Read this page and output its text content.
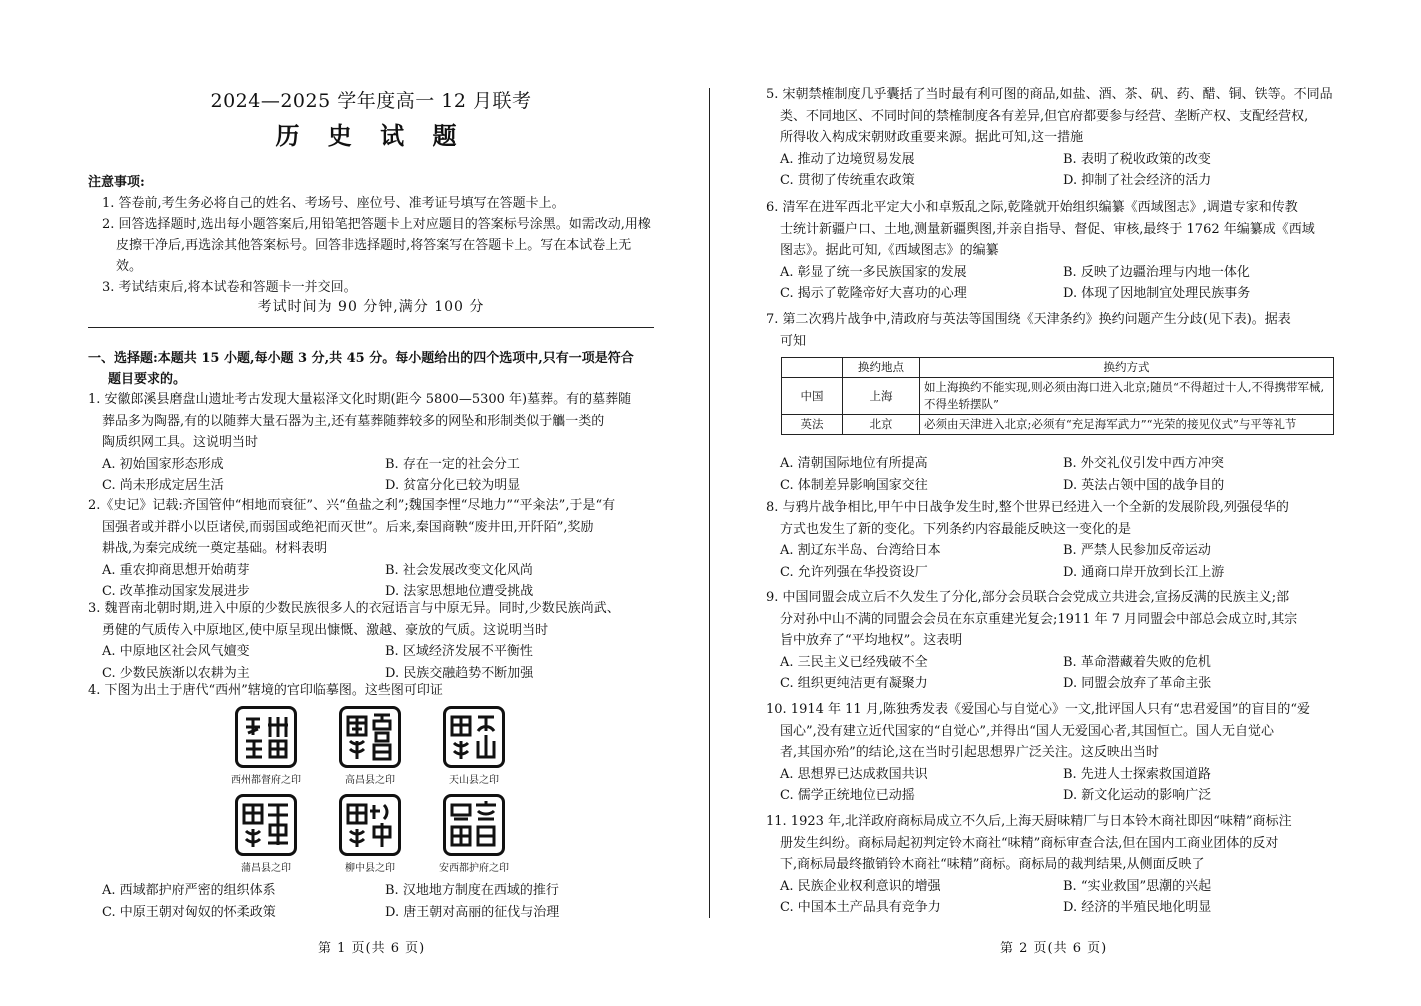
2024—2025 学年度高一 12 月联考
历 史 试 题
注意事项:

1. 答卷前,考生务必将自己的姓名、考场号、座位号、准考证号填写在答题卡上。

2. 回答选择题时,选出每小题答案后,用铅笔把答题卡上对应题目的答案标号涂黑。如需改动,用橡皮擦干净后,再选涂其他答案标号。回答非选择题时,将答案写在答题卡上。写在本试卷上无效。

3. 考试结束后,将本试卷和答题卡一并交回。

考试时间为 90 分钟,满分 100 分
一、选择题:本题共 15 小题,每小题 3 分,共 45 分。每小题给出的四个选项中,只有一项是符合
题目要求的。
1. 安徽郎溪县磨盘山遗址考古发现大量崧泽文化时期(距今 5800—5300 年)墓葬。有的墓葬随
葬品多为陶器,有的以随葬大量石器为主,还有墓葬随葬较多的网坠和形制类似于觿一类的
陶质织网工具。这说明当时
A. 初始国家形态形成	B. 存在一定的社会分工
C. 尚未形成定居生活	D. 贫富分化已较为明显
2.《史记》记载:齐国管仲“相地而衰征”、兴“鱼盐之利”;魏国李悝“尽地力”“平籴法”,于是“有
国强者或并群小以臣诸侯,而弱国或绝祀而灭世”。后来,秦国商鞅“废井田,开阡陌”,奖励
耕战,为秦完成统一奠定基础。材料表明
A. 重农抑商思想开始萌芽	B. 社会发展改变文化风尚
C. 改革推动国家发展进步	D. 法家思想地位遭受挑战
3. 魏晋南北朝时期,进入中原的少数民族很多人的衣冠语言与中原无异。同时,少数民族尚武、
勇健的气质传入中原地区,使中原呈现出慷慨、激越、豪放的气质。这说明当时
A. 中原地区社会风气嬗变	B. 区域经济发展不平衡性
C. 少数民族渐以农耕为主	D. 民族交融趋势不断加强
4. 下图为出土于唐代“西州”辖境的官印临摹图。这些图可印证
西州都督府之印	高昌县之印	天山县之印
蒲昌县之印	柳中县之印	安西都护府之印
A. 西域都护府严密的组织体系	B. 汉地地方制度在西域的推行
C. 中原王朝对匈奴的怀柔政策	D. 唐王朝对高丽的征伐与治理
第 1 页(共 6 页)
5. 宋朝禁榷制度几乎囊括了当时最有利可图的商品,如盐、酒、茶、矾、药、醋、铜、铁等。不同品
类、不同地区、不同时间的禁榷制度各有差异,但官府都要参与经营、垄断产权、支配经营权,
所得收入构成宋朝财政重要来源。据此可知,这一措施
A. 推动了边境贸易发展	B. 表明了税收政策的改变
C. 贯彻了传统重农政策	D. 抑制了社会经济的活力
6. 清军在进军西北平定大小和卓叛乱之际,乾隆就开始组织编纂《西域图志》,调遣专家和传教
士统计新疆户口、土地,测量新疆舆图,并亲自指导、督促、审核,最终于 1762 年编纂成《西域
图志》。据此可知,《西域图志》的编纂
A. 彰显了统一多民族国家的发展	B. 反映了边疆治理与内地一体化
C. 揭示了乾隆帝好大喜功的心理	D. 体现了因地制宜处理民族事务
7. 第二次鸦片战争中,清政府与英法等国围绕《天津条约》换约问题产生分歧(见下表)。据表
可知
	换约地点	换约方式
中国	上海	如上海换约不能实现,则必须由海口进入北京;随员“不得超过十人,不得携带军械,不得坐轿摆队”
英法	北京	必须由天津进入北京;必须有“充足海军武力”“光荣的接见仪式”与平等礼节
A. 清朝国际地位有所提高	B. 外交礼仪引发中西方冲突
C. 体制差异影响国家交往	D. 英法占领中国的战争目的
8. 与鸦片战争相比,甲午中日战争发生时,整个世界已经进入一个全新的发展阶段,列强侵华的
方式也发生了新的变化。下列条约内容最能反映这一变化的是
A. 割辽东半岛、台湾给日本	B. 严禁人民参加反帝运动
C. 允许列强在华投资设厂	D. 通商口岸开放到长江上游
9. 中国同盟会成立后不久发生了分化,部分会员联合会党成立共进会,宣扬反满的民族主义;部
分对孙中山不满的同盟会会员在东京重建光复会;1911 年 7 月同盟会中部总会成立时,其宗
旨中放弃了“平均地权”。这表明
A. 三民主义已经残破不全	B. 革命潜藏着失败的危机
C. 组织更纯洁更有凝聚力	D. 同盟会放弃了革命主张
10. 1914 年 11 月,陈独秀发表《爱国心与自觉心》一文,批评国人只有“忠君爱国”的盲目的“爱
国心”,没有建立近代国家的“自觉心”,并得出“国人无爱国心者,其国恒亡。国人无自觉心
者,其国亦殆”的结论,这在当时引起思想界广泛关注。这反映出当时
A. 思想界已达成救国共识	B. 先进人士探索救国道路
C. 儒学正统地位已动摇	D. 新文化运动的影响广泛
11. 1923 年,北洋政府商标局成立不久后,上海天厨味精厂与日本铃木商社即因“味精”商标注
册发生纠纷。商标局起初判定铃木商社“味精”商标审查合法,但在国内工商业团体的反对
下,商标局最终撤销铃木商社“味精”商标。商标局的裁判结果,从侧面反映了
A. 民族企业权利意识的增强	B. “实业救国”思潮的兴起
C. 中国本土产品具有竞争力	D. 经济的半殖民地化明显
第 2 页(共 6 页)
